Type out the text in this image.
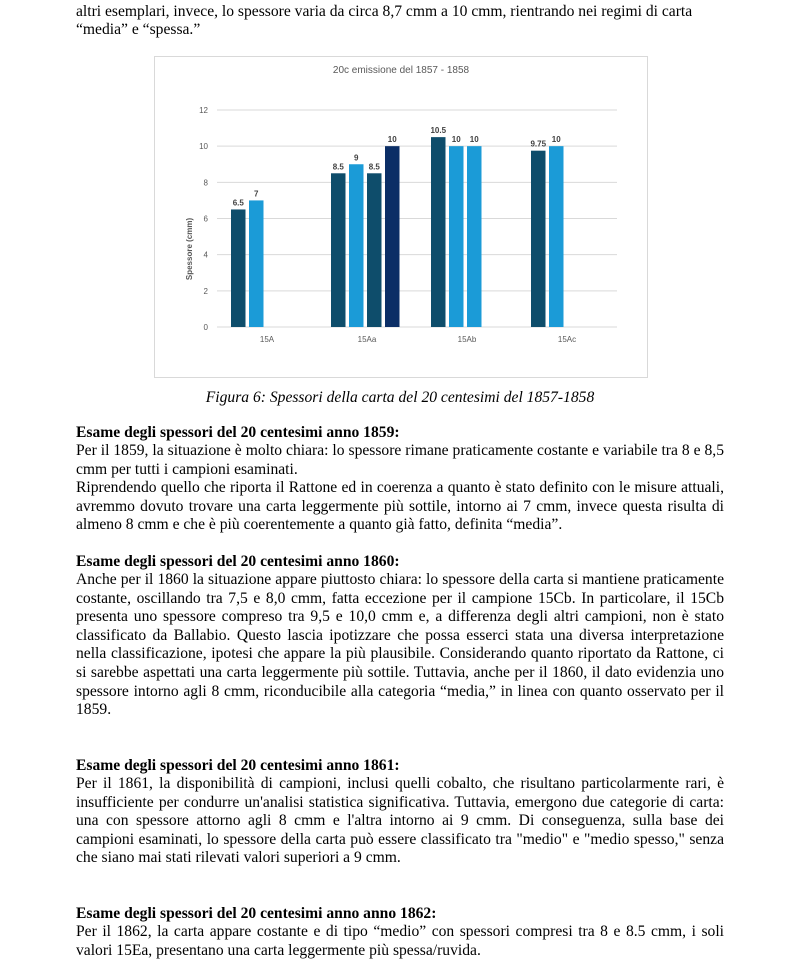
altri esemplari, invece, lo spessore varia da circa 8,7 cmm a 10 cmm, rientrando nei regimi di carta

“media” e “spessa.”

20c emissione del 1857 - 1858
Spessore (cmm)
6.5
7
8.5
9
8.5
10
10.5
10 10
9.75
10
0
2
4
6
8
10
12
15A	15Aa	15Ab	15Ac
Figura 6: Spessori della carta del 20 centesimi del 1857-1858

Esame degli spessori del 20 centesimi anno 1859:

Per il 1859, la situazione è molto chiara: lo spessore rimane praticamente costante e variabile tra 8 e 8,5 cmm per tutti i campioni esaminati.

Riprendendo quello che riporta il Rattone ed in coerenza a quanto è stato definito con le misure attuali, avremmo dovuto trovare una carta leggermente più sottile, intorno ai 7 cmm, invece questa risulta di almeno 8 cmm e che è più coerentemente a quanto già fatto, definita “media”.

Esame degli spessori del 20 centesimi anno 1860:

Anche per il 1860 la situazione appare piuttosto chiara: lo spessore della carta si mantiene praticamente costante, oscillando tra 7,5 e 8,0 cmm, fatta eccezione per il campione 15Cb. In particolare, il 15Cb presenta uno spessore compreso tra 9,5 e 10,0 cmm e, a differenza degli altri campioni, non è stato classificato da Ballabio. Questo lascia ipotizzare che possa esserci stata una diversa interpretazione nella classificazione, ipotesi che appare la più plausibile. Considerando quanto riportato da Rattone, ci si sarebbe aspettati una carta leggermente più sottile. Tuttavia, anche per il 1860, il dato evidenzia uno spessore intorno agli 8 cmm, riconducibile alla categoria “media,” in linea con quanto osservato per il 1859.

Esame degli spessori del 20 centesimi anno 1861:

Per il 1861, la disponibilità di campioni, inclusi quelli cobalto, che risultano particolarmente rari, è insufficiente per condurre un'analisi statistica significativa. Tuttavia, emergono due categorie di carta: una con spessore attorno agli 8 cmm e l'altra intorno ai 9 cmm. Di conseguenza, sulla base dei campioni esaminati, lo spessore della carta può essere classificato tra "medio" e "medio spesso," senza che siano mai stati rilevati valori superiori a 9 cmm.

Esame degli spessori del 20 centesimi anno anno 1862:

Per il 1862, la carta appare costante e di tipo “medio” con spessori compresi tra 8 e 8.5 cmm, i soli valori 15Ea, presentano una carta leggermente più spessa/ruvida.
